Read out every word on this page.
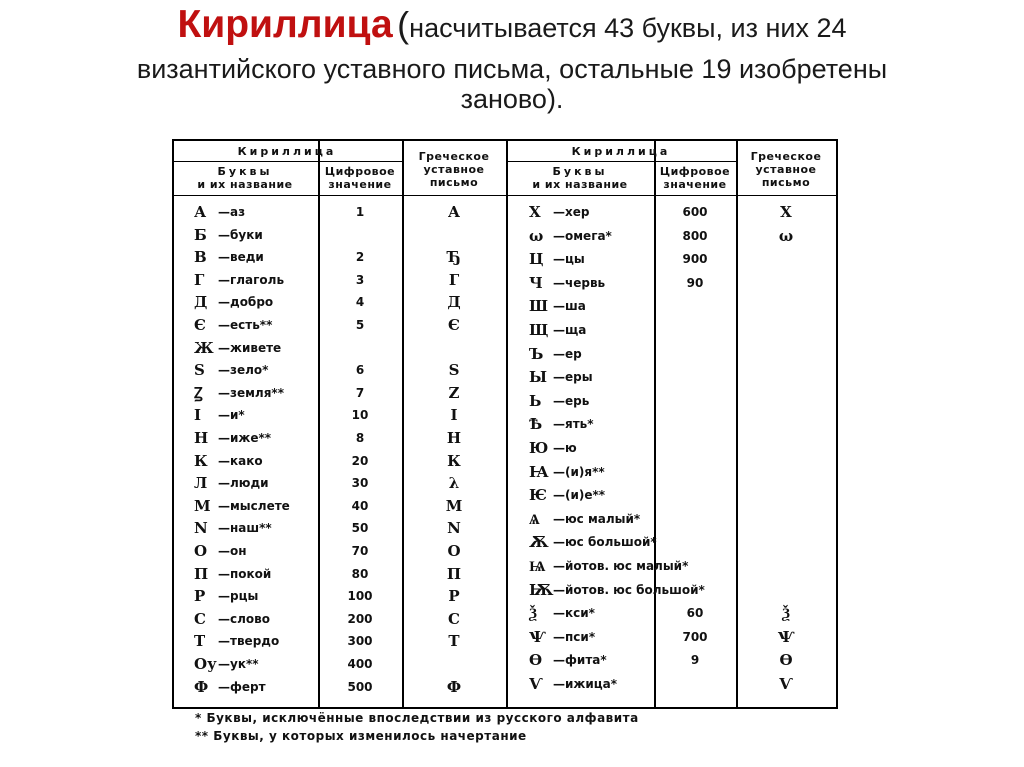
Кириллица (насчитывается 43 буквы, из них 24
византийского уставного письма, остальные 19 изобретены
заново).
Кириллица	Кириллица
Буквы
и их название
Цифровое
значение
Греческое
уставное
письмо
Буквы
и их название
Цифровое
значение
Греческое
уставное
письмо
А —аз	1	А
Б —буки
В —веди	2	Ђ
Г —глаголь	3	Г
Д —добро	4	Д
Є —есть**	5	Є
Ж —живете
Ѕ —зело*	6	Ѕ
Ꙁ —земля**	7	Z
І —и*	10	І
Н —иже**	8	Н
К —како	20	К
Л —люди	30	λ
М —мыслете	40	М
N —наш**	50	N
О —он	70	О
П —покой	80	П
Р —рцы	100	Р
С —слово	200	С
Т —твердо	300	Т
Оу —ук**	400
Ф —ферт	500	Ф
Х —хер	600	Х
ω —омега*	800	ω
Ц —цы	900
Ч —червь	90
Ш —ша
Щ —ща
Ъ —ер
Ы —еры
Ь —ерь
Ѣ —ять*
Ю —ю
Ꙗ —(и)я**
Ѥ —(и)е**
Ѧ —юс малый*
Ѫ —юс большой*
Ѩ —йотов. юс малый*
Ѭ —йотов. юс большой*
Ѯ —кси*	60	Ѯ
Ѱ —пси*	700	Ѱ
Ѳ —фита*	9	Ѳ
Ѵ —ижица*	Ѵ
* Буквы, исключённые впоследствии из русского алфавита
** Буквы, у которых изменилось начертание
